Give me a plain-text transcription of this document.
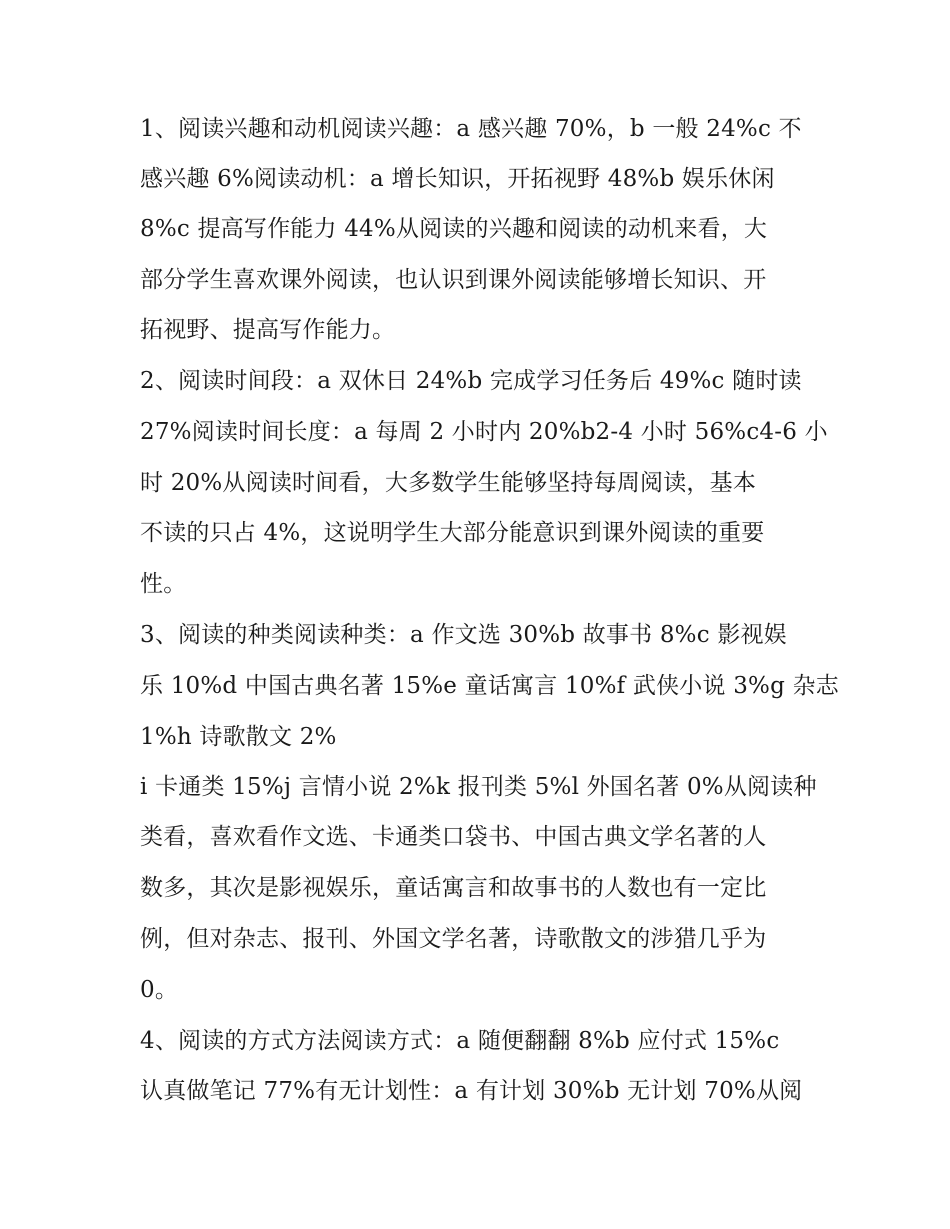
1、阅读兴趣和动机阅读兴趣：a 感兴趣 70%，b 一般 24%c 不

感兴趣 6%阅读动机：a 增长知识，开拓视野 48%b 娱乐休闲

8%c 提高写作能力 44%从阅读的兴趣和阅读的动机来看，大

部分学生喜欢课外阅读，也认识到课外阅读能够增长知识、开

拓视野、提高写作能力。

2、阅读时间段：a 双休日 24%b 完成学习任务后 49%c 随时读

27%阅读时间长度：a 每周 2 小时内 20%b2-4 小时 56%c4-6 小

时 20%从阅读时间看，大多数学生能够坚持每周阅读，基本

不读的只占 4%，这说明学生大部分能意识到课外阅读的重要

性。

3、阅读的种类阅读种类：a 作文选 30%b 故事书 8%c 影视娱

乐 10%d 中国古典名著 15%e 童话寓言 10%f 武侠小说 3%g 杂志

1%h 诗歌散文 2%

i 卡通类 15%j 言情小说 2%k 报刊类 5%l 外国名著 0%从阅读种

类看，喜欢看作文选、卡通类口袋书、中国古典文学名著的人

数多，其次是影视娱乐，童话寓言和故事书的人数也有一定比

例，但对杂志、报刊、外国文学名著，诗歌散文的涉猎几乎为

0。

4、阅读的方式方法阅读方式：a 随便翻翻 8%b 应付式 15%c

认真做笔记 77%有无计划性：a 有计划 30%b 无计划 70%从阅
